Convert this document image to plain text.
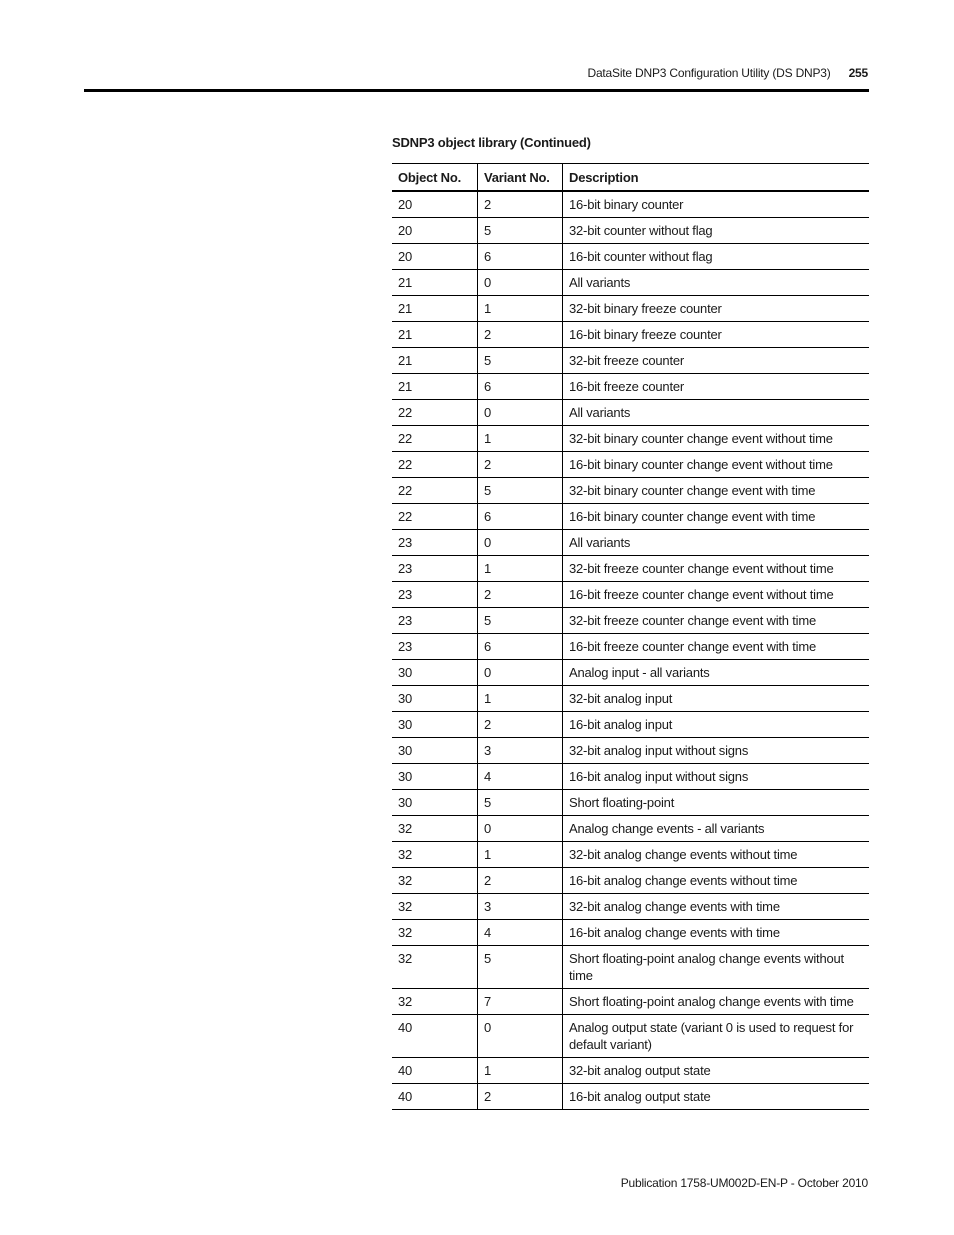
DataSite DNP3 Configuration Utility (DS DNP3) 255
SDNP3 object library (Continued)
Object No.	Variant No.	Description
20	2	16-bit binary counter
20	5	32-bit counter without flag
20	6	16-bit counter without flag
21	0	All variants
21	1	32-bit binary freeze counter
21	2	16-bit binary freeze counter
21	5	32-bit freeze counter
21	6	16-bit freeze counter
22	0	All variants
22	1	32-bit binary counter change event without time
22	2	16-bit binary counter change event without time
22	5	32-bit binary counter change event with time
22	6	16-bit binary counter change event with time
23	0	All variants
23	1	32-bit freeze counter change event without time
23	2	16-bit freeze counter change event without time
23	5	32-bit freeze counter change event with time
23	6	16-bit freeze counter change event with time
30	0	Analog input - all variants
30	1	32-bit analog input
30	2	16-bit analog input
30	3	32-bit analog input without signs
30	4	16-bit analog input without signs
30	5	Short floating-point
32	0	Analog change events - all variants
32	1	32-bit analog change events without time
32	2	16-bit analog change events without time
32	3	32-bit analog change events with time
32	4	16-bit analog change events with time
32	5	Short floating-point analog change events without time
32	7	Short floating-point analog change events with time
40	0	Analog output state (variant 0 is used to request for default variant)
40	1	32-bit analog output state
40	2	16-bit analog output state
Publication 1758-UM002D-EN-P - October 2010
